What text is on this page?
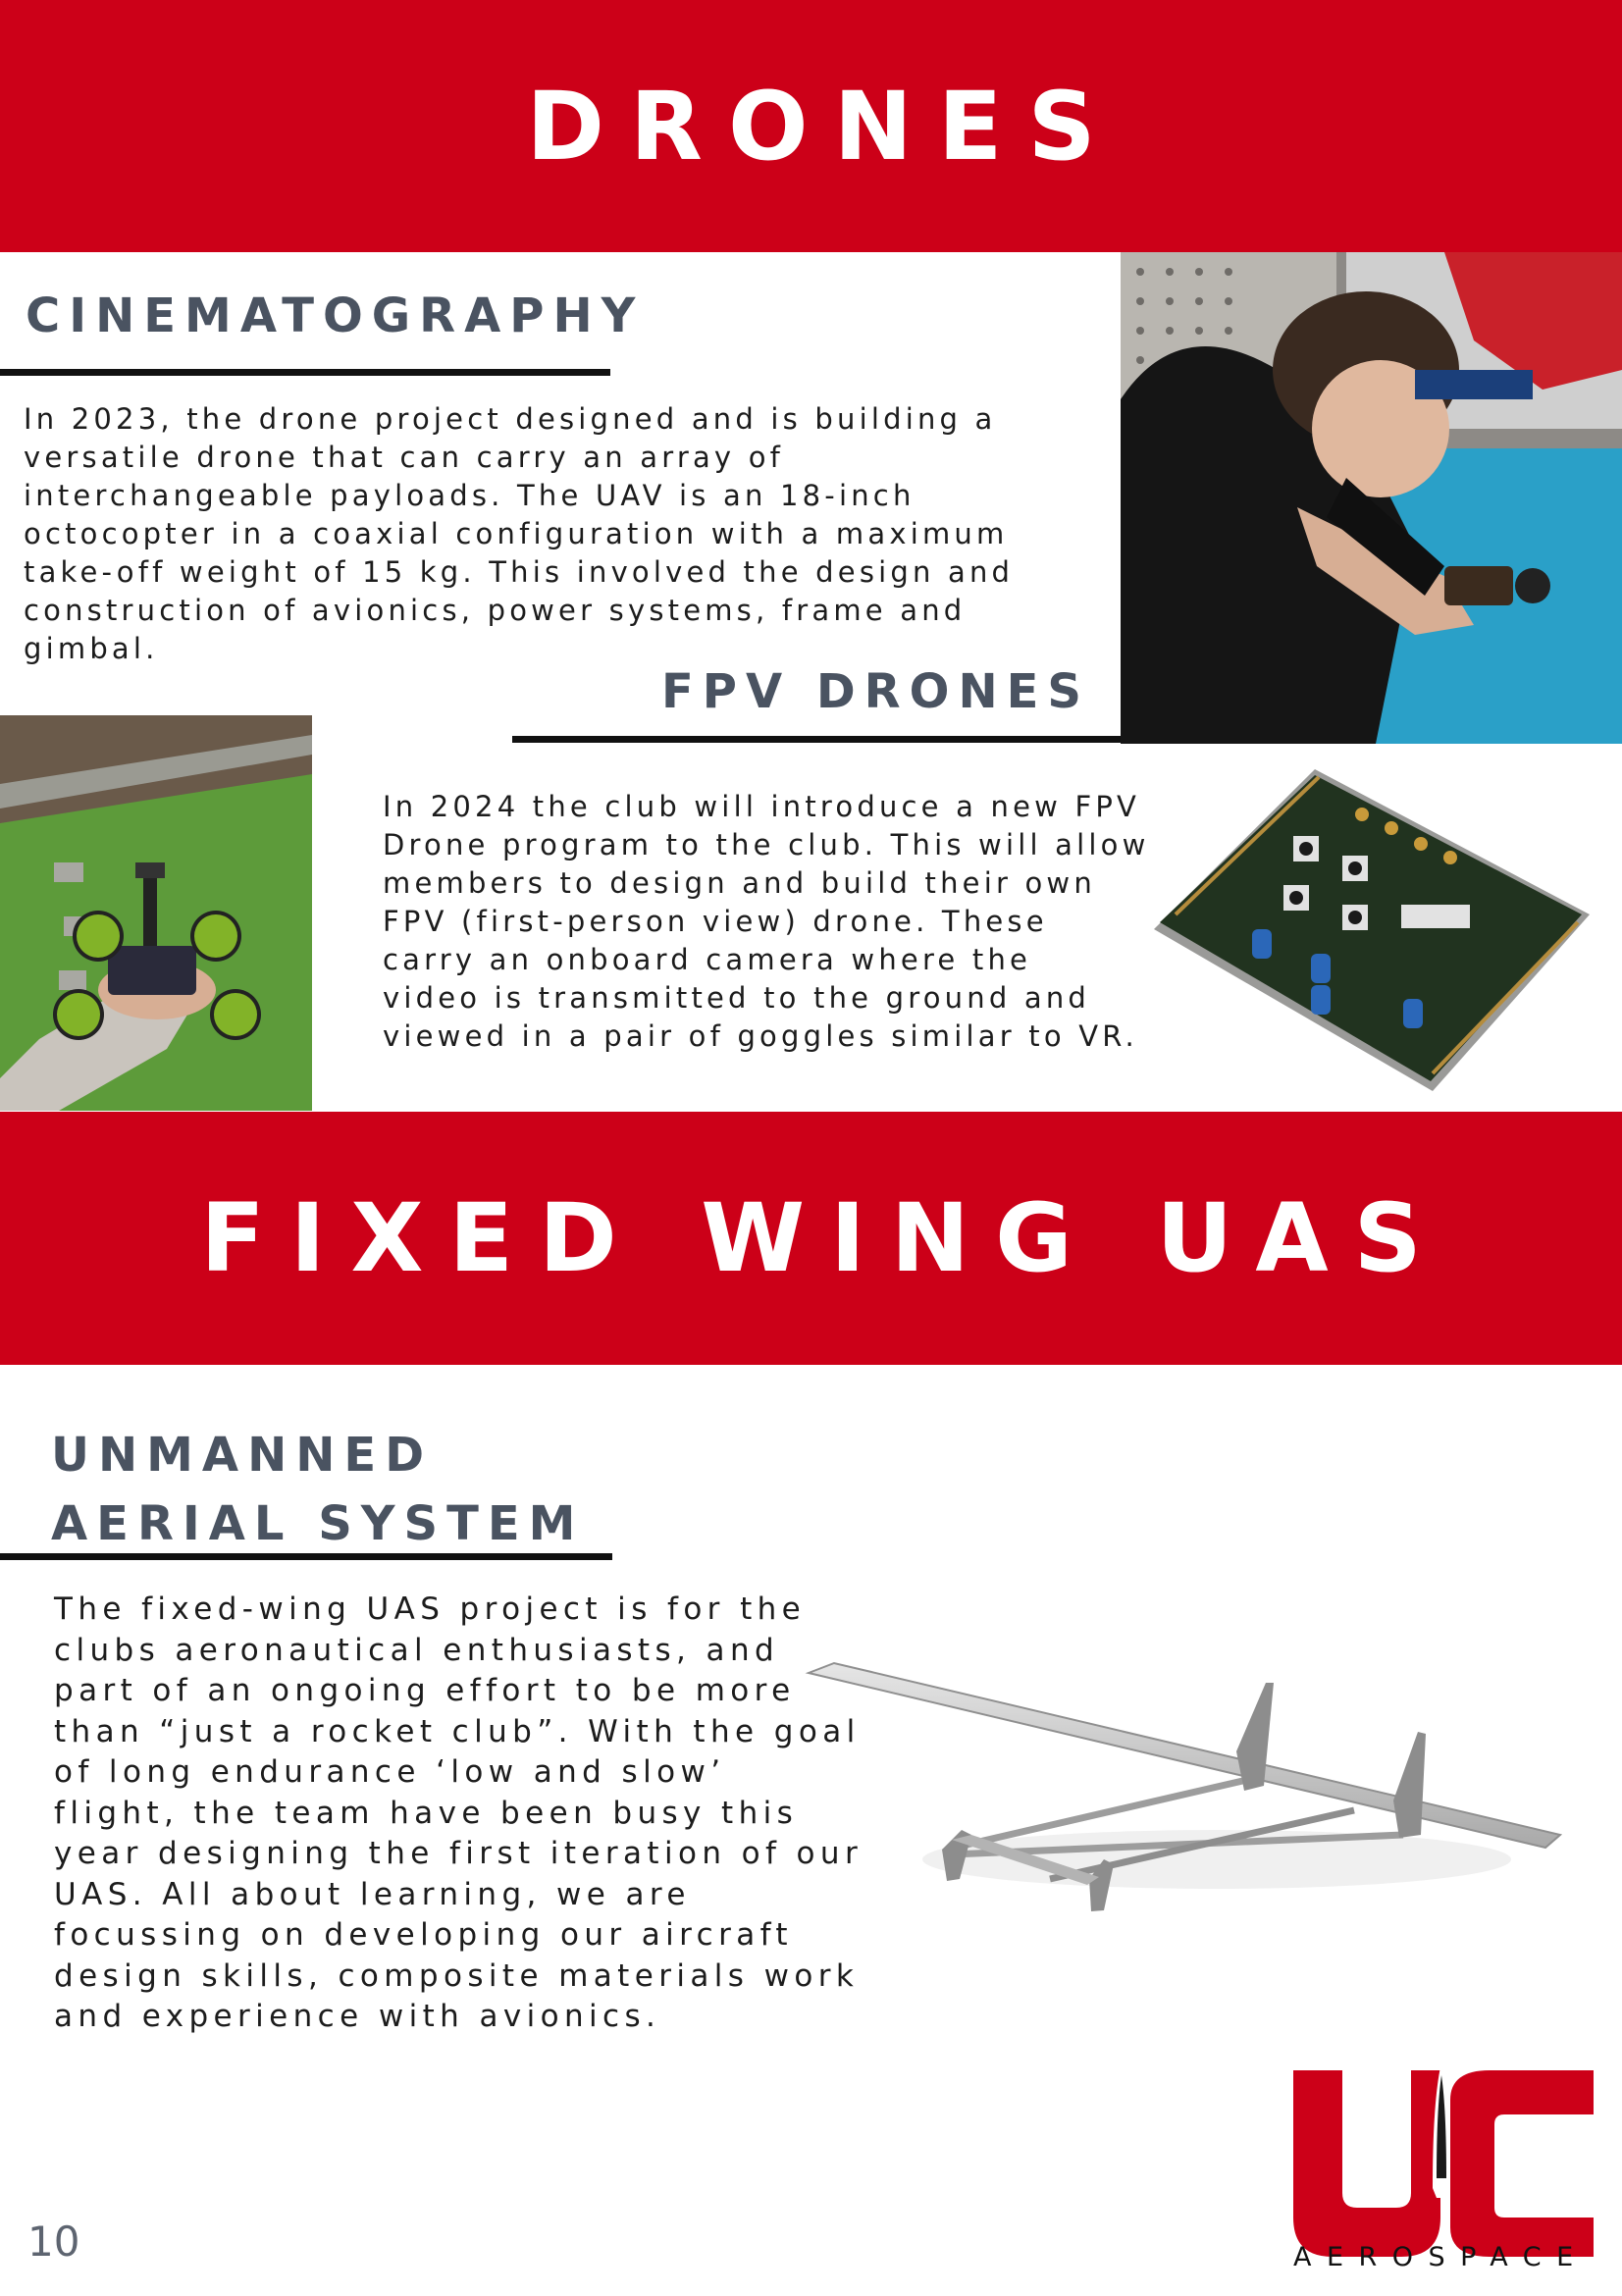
DRONES
CINEMATOGRAPHY
In 2023, the drone project designed and is building a
versatile drone that can carry an array of
interchangeable payloads. The UAV is an 18-inch
octocopter in a coaxial configuration with a maximum
take-off weight of 15 kg. This involved the design and
construction of avionics, power systems, frame and
gimbal.
FPV DRONES
In 2024 the club will introduce a new FPV
Drone program to the club. This will allow
members to design and build their own
FPV (first-person view) drone. These
carry an onboard camera where the
video is transmitted to the ground and
viewed in a pair of goggles similar to VR.
FIXED WING UAS
UNMANNED
AERIAL SYSTEM
The fixed-wing UAS project is for the
clubs aeronautical enthusiasts, and
part of an ongoing effort to be more
than “just a rocket club”. With the goal
of long endurance ‘low and slow’
flight, the team have been busy this
year designing the first iteration of our
UAS. All about learning, we are
focussing on developing our aircraft
design skills, composite materials work
and experience with avionics.
10	AEROSPACE
